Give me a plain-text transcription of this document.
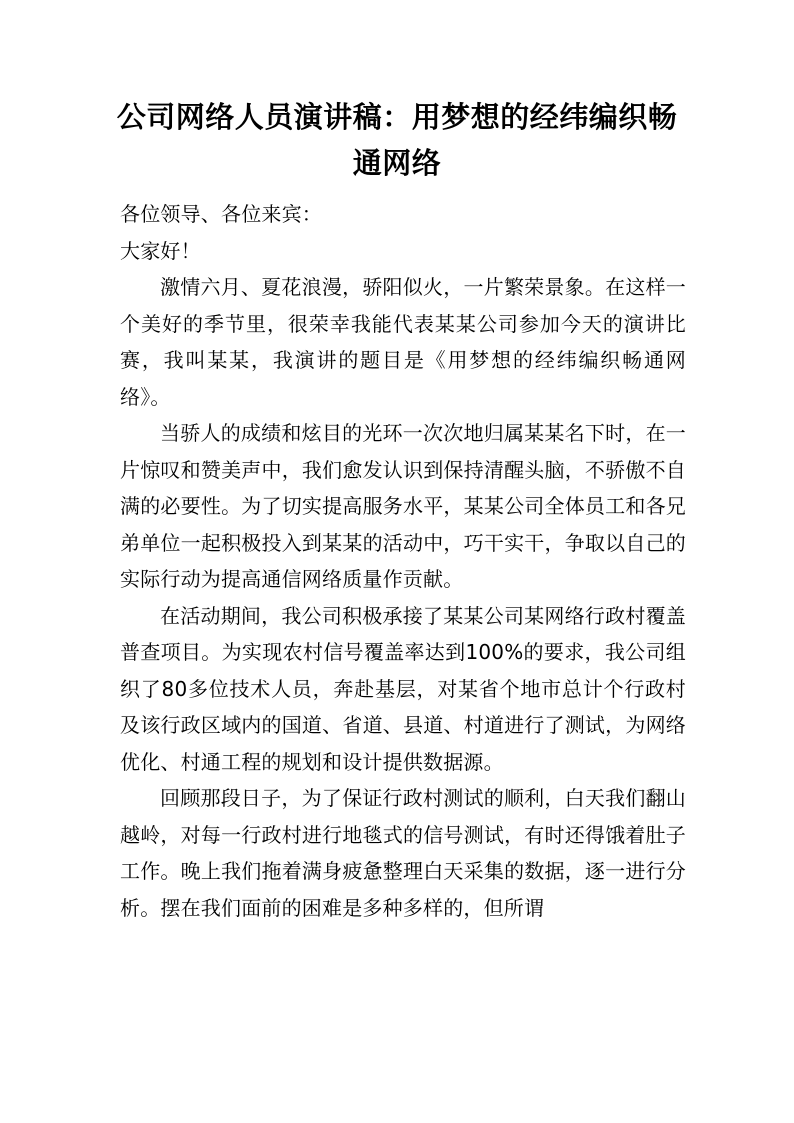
公司网络人员演讲稿：用梦想的经纬编织畅通网络

各位领导、各位来宾：

大家好！

激情六月、夏花浪漫，骄阳似火，一片繁荣景象。在这样一个美好的季节里，很荣幸我能代表某某公司参加今天的演讲比赛，我叫某某，我演讲的题目是《用梦想的经纬编织畅通网络》。

当骄人的成绩和炫目的光环一次次地归属某某名下时，在一片惊叹和赞美声中，我们愈发认识到保持清醒头脑，不骄傲不自满的必要性。为了切实提高服务水平，某某公司全体员工和各兄弟单位一起积极投入到某某的活动中，巧干实干，争取以自己的实际行动为提高通信网络质量作贡献。

在活动期间，我公司积极承接了某某公司某网络行政村覆盖普查项目。为实现农村信号覆盖率达到100%的要求，我公司组织了80多位技术人员，奔赴基层，对某省个地市总计个行政村及该行政区域内的国道、省道、县道、村道进行了测试，为网络优化、村通工程的规划和设计提供数据源。

回顾那段日子，为了保证行政村测试的顺利，白天我们翻山越岭，对每一行政村进行地毯式的信号测试，有时还得饿着肚子工作。晚上我们拖着满身疲惫整理白天采集的数据，逐一进行分析。摆在我们面前的困难是多种多样的，但所谓
